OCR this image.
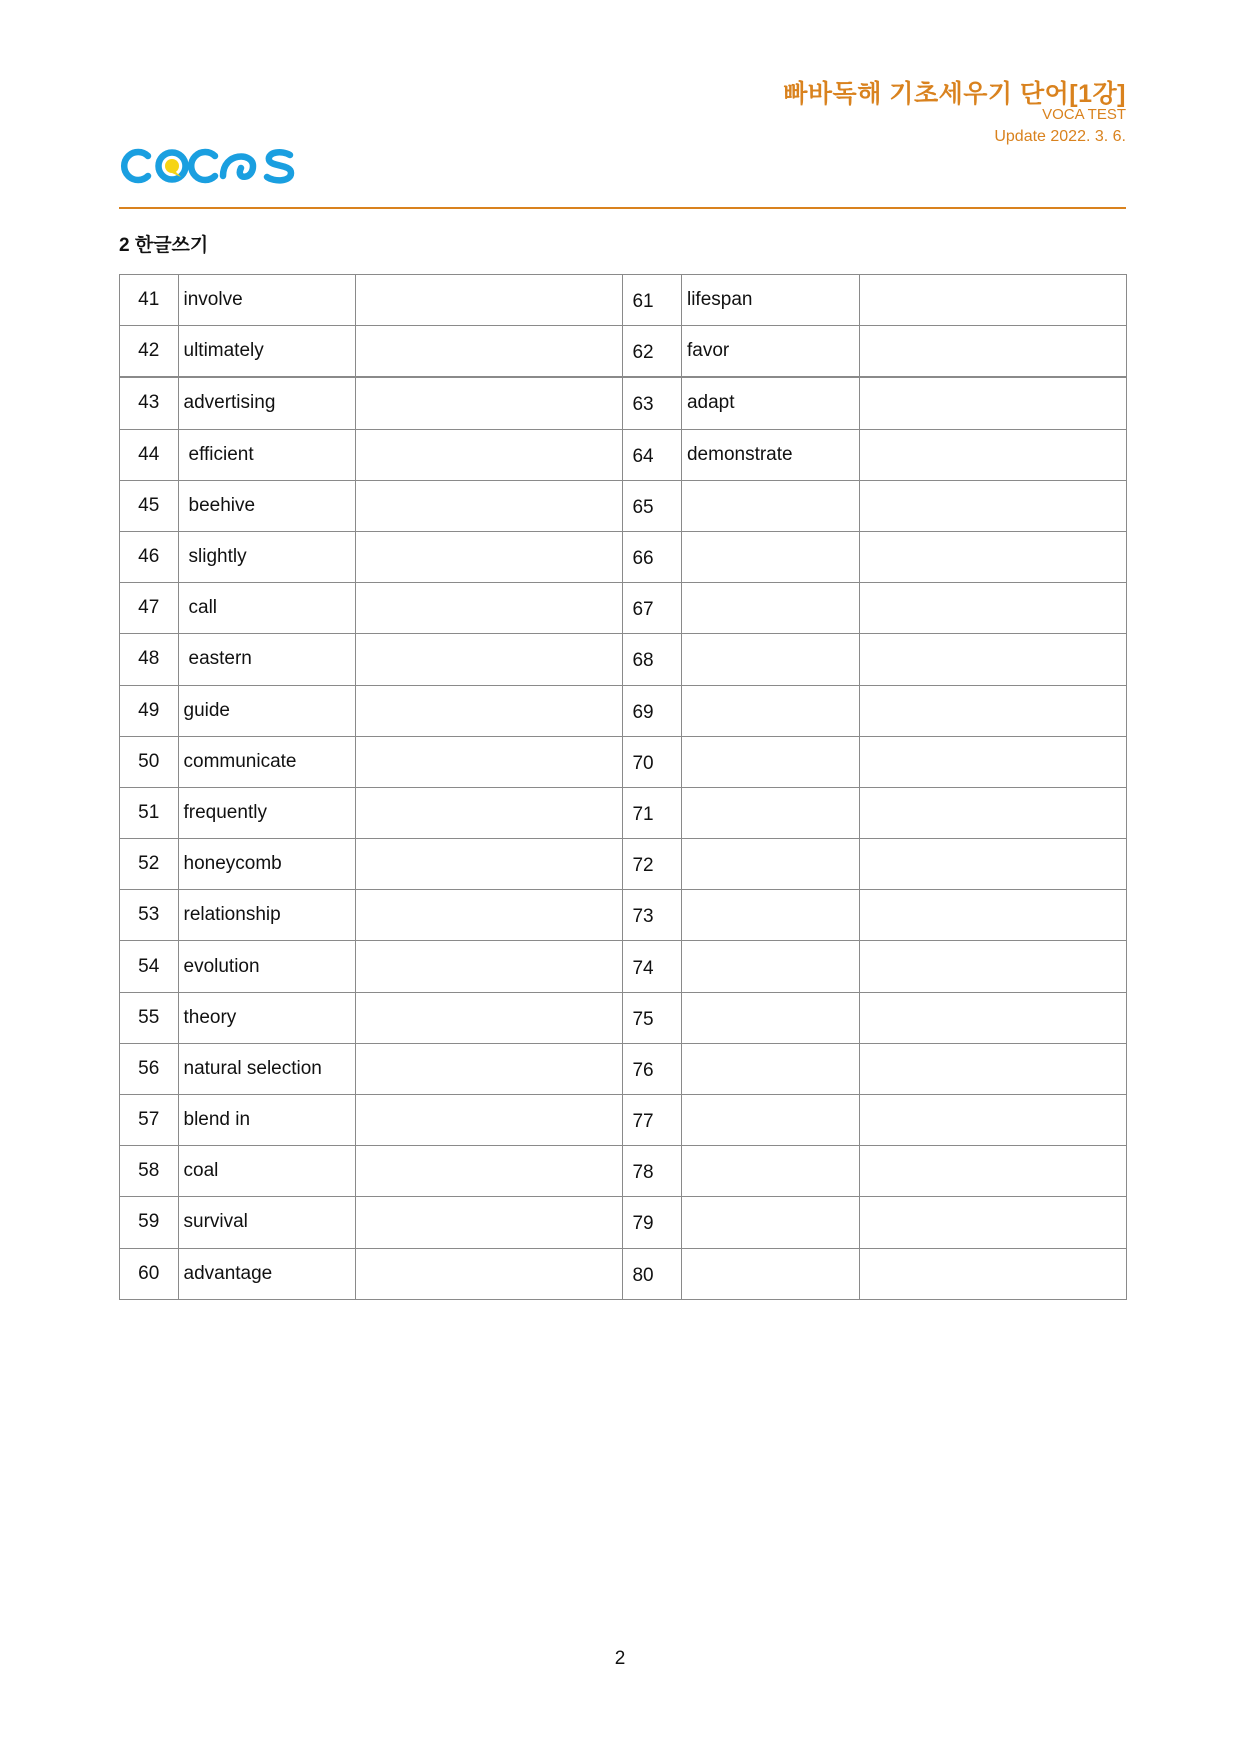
빠바독해 기초세우기 단어[1강]
VOCA TEST
Update 2022. 3. 6.
2 한글쓰기
41	involve		61	lifespan	
42	ultimately		62	favor	
43	advertising		63	adapt	
44	efficient		64	demonstrate	
45	beehive		65		
46	slightly		66		
47	call		67		
48	eastern		68		
49	guide		69		
50	communicate		70		
51	frequently		71		
52	honeycomb		72		
53	relationship		73		
54	evolution		74		
55	theory		75		
56	natural selection		76		
57	blend in		77		
58	coal		78		
59	survival		79		
60	advantage		80		
2
